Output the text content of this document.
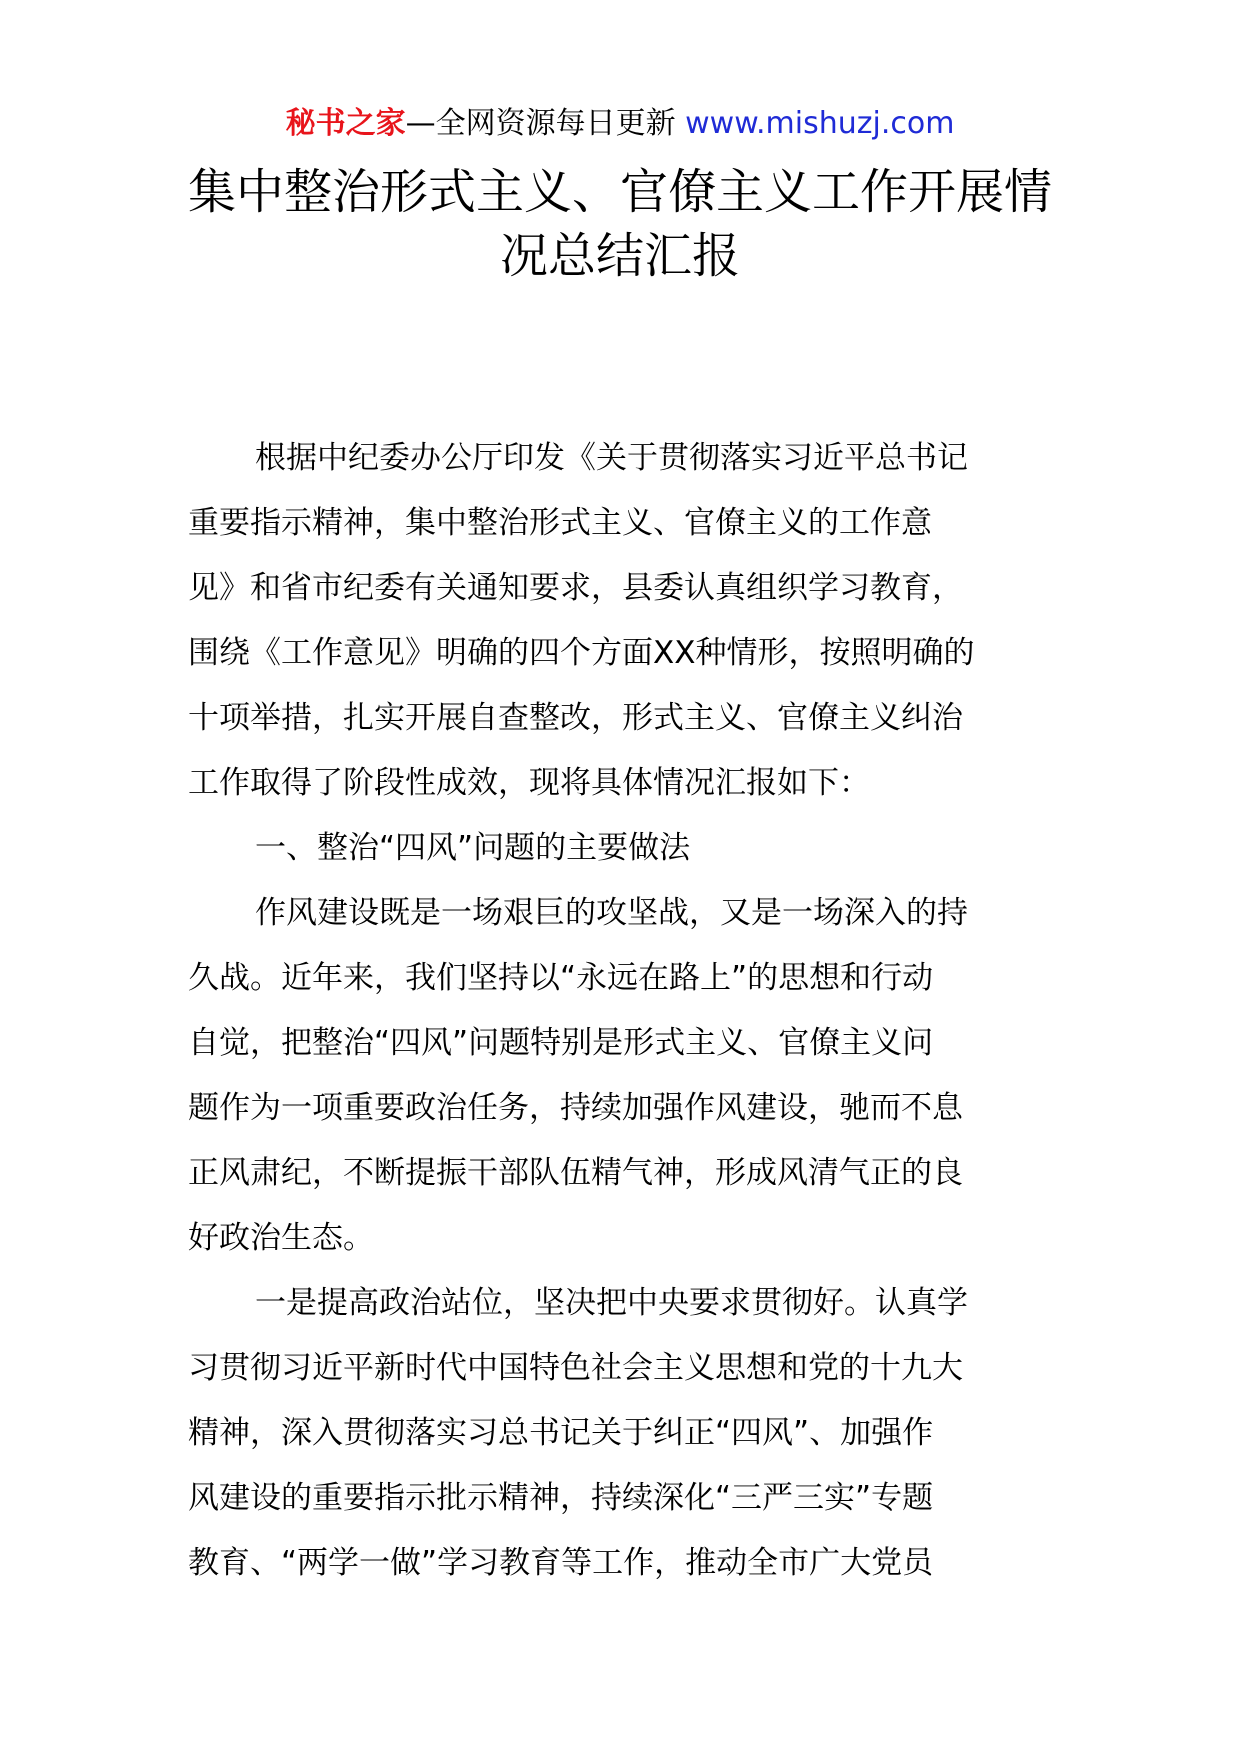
秘书之家—全网资源每日更新 www.mishuzj.com
集中整治形式主义、官僚主义工作开展情
况总结汇报
根据中纪委办公厅印发《关于贯彻落实习近平总书记
重要指示精神，集中整治形式主义、官僚主义的工作意
见》和省市纪委有关通知要求，县委认真组织学习教育，
围绕《工作意见》明确的四个方面XX种情形，按照明确的
十项举措，扎实开展自查整改，形式主义、官僚主义纠治
工作取得了阶段性成效，现将具体情况汇报如下：
一、整治“四风”问题的主要做法
作风建设既是一场艰巨的攻坚战，又是一场深入的持
久战。近年来，我们坚持以“永远在路上”的思想和行动
自觉，把整治“四风”问题特别是形式主义、官僚主义问
题作为一项重要政治任务，持续加强作风建设，驰而不息
正风肃纪，不断提振干部队伍精气神，形成风清气正的良
好政治生态。
一是提高政治站位，坚决把中央要求贯彻好。认真学
习贯彻习近平新时代中国特色社会主义思想和党的十九大
精神，深入贯彻落实习总书记关于纠正“四风”、加强作
风建设的重要指示批示精神，持续深化“三严三实”专题
教育、“两学一做”学习教育等工作，推动全市广大党员
